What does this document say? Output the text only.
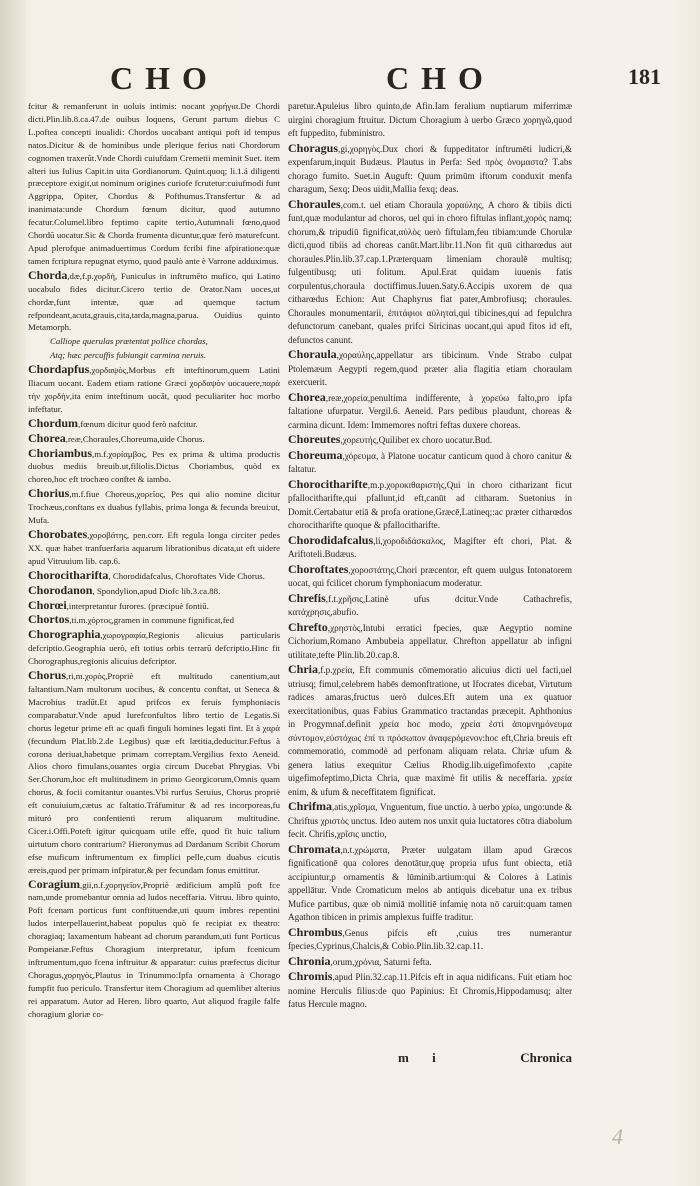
CHO	CHO	181

fcitur & remanferunt in uoluis intimis: nocant χορήγια.De Chordi dicti.Plin.lib.8.ca.47.de ouibus loquens, Gerunt partum diebus C L.poftea concepti inualidi: Chordos uocabant antiqui poft id tempus natos.Dicitur & de hominibus unde plerique ferius nati Chordorum cognomen traxerūt.Vnde Chordi cuiufdam Cremetii meminit Suet. item alteri ius Iulius Capit.in uita Gordianorum. Quint.quoq; li.1.á diligenti præceptore exigit,ut nominum origines curiofe fcrutetur:cuiufmodi funt Aggrippa, Opiter, Chordus & Pofthumus.Transfertur & ad inanimata:unde Chordum fœnum dicitur, quod autumno fecatur.Columel.libro feptimo capite tertio,Autumnali fœno,quod Chordū uocatur.Sic & Chorda frumenta dicuntur,quæ ferò maturefcunt. Apud plerofque animaduertimus Cordum fcribi fine afpiratione:quæ tamen fcriptura repugnat etymo, quod paulò ante è Varrone adduximus.

Chorda,dæ,f.p.χορδή, Funiculus in inftrumēto mufico, qui Latino uocabulo fides dicitur.Cicero tertio de Orator.Nam uoces,ut chordæ,funt intentæ, quæ ad quemque tactum refpondeant,acuta,grauis,cita,tarda,magna,parua. Ouidius quinto Metamorph.

Calliope querulas prætentat pollice chordas,

Atq; hæc percuffis fubiungit carmina neruis.

Chordapfus,χορδαψὸς,Morbus eft inteftinorum,quem Latini Iliacum uocant. Eadem etiam ratione Græci χορδαψὸν uocauere,παρὰ τὴν χορδὴν,ita enim inteftinum uocāt, quod peculiariter hoc morbo infeftatur.

Chordum,fœnum dicitur quod ferò nafcitur.

Chorea,reæ,Choraules,Choreuma,uide Chorus.

Choriambus,m.f.χορίαμβος, Pes ex prima & ultima productis duobus mediis breuib.ut,filiolis.Dictus Choriambus, quòd ex choreo,hoc eft trochæo conftet & iambo.

Chorius,m.f.fiue Choreus,χορεῖος, Pes qui alio nomine dicitur Trochæus,conftans ex duabus fyllabis, prima longa & fecunda breui:ut, Mufa.

Chorobates,χοροβάτης, pen.corr. Eft regula longa circiter pedes XX. quæ habet tranfuerfaria aquarum librationibus dicata,ut eft uidere apud Vitruuium lib. cap.6.

Chorocitharifta, Chorodidafcalus, Choroftates Vide Chorus.

Chorodanon, Spondylion,apud Diofc lib.3.ca.88.

Chorœi,interpretantur furores. (præcipuè fontiū.

Chortos,ti.m.χόρτος,gramen in commune fignificat,fed

Chorographia,χωρογραφία,Regionis alicuius particularis defcriptio.Geographia uerò, eft totius orbis terrarū defcriptio.Hinc fit Chorographus,regionis alicuius defcriptor.

Chorus,ri,m.χορὸς,Propriè eft multitudo canentium,aut faltantium.Nam multorum uocibus, & concentu conftat, ut Seneca & Macrobius tradūt.Et apud prifcos ex feruis fymphoniacis comparabatur.Vnde apud Iurefconfultos libro tertio de Legatis.Si chorus legetur prime eft ac quafi finguli homines legati fint. Et à χαρὰ (fecundum Plat.lib.2.de Legibus) quæ eft lætitia,deducitur.Feftus à corona deriuat,habetque primam correptam.Vergilius fexto Aeneid. Alios choro fimulans,ouantes orgia circum Ducebat Phrygias. Vbi Ser.Chorum,hoc eft multitudinem in primo Georgicorum,Omnis quam chorus, & focii comitantur ouantes.Vbi rurfus Seruius, Chorus propriè eft conuiuium,cætus ac faltatio.Tráfumitur & ad res incorporeas,fu mituró pro confentienti rerum aliquarum multitudine. Cicer.i.Offi.Poteft igitur quicquam utile effe, quod fit huic talium uirtutum choro contrarium? Hieronymus ad Dardanum Scribit Chorum efse muficum inftrumentum ex fimplici pelle,cum duabus cicutis æreis,quod per primam infpiratur,& per fecundam fonus emittitur.

Coragium,gii,n.f.χορηγεῖον,Propriè ædificium amplū poft fce nam,unde promebantur omnia ad ludos neceffaria. Vitruu. libro quinto, Poft fcenam porticus funt conftituendæ,uti quum imbres repentini ludos interpellauerint,habeat populus quò fe recipiat ex theatro: choragiaq; laxamentum habeant ad chorum parandum,uti funt Porticus Pompeianæ.Feftus Choragium interpretatur, ipfum fcenicum inftrumentum,quo fcena inftruitur & apparatur: cuius præfectus dicitur Choragus,χορηγὸς,Plautus in Trinummo:Ipfa ornamenta à Chorago fumpfit fuo periculo. Transfertur item Choragium ad quemlibet alterius rei apparatum. Autor ad Heren. libro quarto, Aut aliquod fragile falfe choragium gloriæ co-

paretur.Apuleius libro quinto,de Afin.Iam feralium nuptiarum miferrimæ uirgini choragium ftruitur. Dictum Choragium à uerbo Græco χορηγῶ,quod eft fuppedito, fubministro.

Choragus,gi,χορηγὸς.Dux chori & fuppeditator inftrumēti ludicri,& expenfarum,inquit Budæus. Plautus in Perfa: Sed πρὸς ὀνομαστα? T.abs chorago fumito. Suet.in Auguft: Quum primūm iftorum conduxit menfa charagum, Sexq; Deos uidit,Mallia fexq; deas.

Choraules,com.t. uel etiam Choraula χοραύλης, A choro & tibiis dicti funt,quæ modulantur ad choros, uel qui in choro fiftulas inflant,χορὸς namq; chorum,& tripudiū fignificat,αὐλὸς uerò fiftulam,feu tibiam:unde Chorulæ dicti,quod tibiis ad choreas canūt.Mart.libr.11.Non fit quū citharœdus aut choraules.Plin.lib.37.cap.1.Præterquam limeniam choraulē multisq; fulgentibusq; uti folitum. Apul.Erat quidam iuuenis fatis corpulentus,choraula doctiffimus.Iuuen.Saty.6.Accipis uxorem de qua citharœdus Echion: Aut Chaphyrus fiat pater,Ambrofiusq; choraules. Choraules monumentarii, ἐπιτάφιοι αὐληταὶ,qui tibicines,qui ad fepulchra defunctorum canebant, quales prifci Siricinas uocant,qui apud fitos id eft, defunctos canunt.

Choraula,χοραύλης,appellatur ars tibicinum. Vnde Strabo culpat Ptolemæum Aegypti regem,quod præter alia flagitia etiam choraulam exercuerit.

Chorea,reæ,χορεία,penultima indifferente, à χορεύω falto,pro ipfa faltatione ufurpatur. Vergil.6. Aeneid. Pars pedibus plaudunt, choreas & carmina dicunt. Idem: Immemores noftri feftas duxere choreas.

Choreutes,χορευτής,Quilibet ex choro uocatur.Bud.

Choreuma,χόρευμα, à Platone uocatur canticum quod à choro canitur & faltatur.

Chorocitharifte,m.p.χοροκιθαριστὴς,Qui in choro citharizant ficut pfallocitharifte,qui pfallunt,id eft,canūt ad citharam. Suetonius in Domit.Certabatur etiā & profa oratione,Græcē,Latineq;:ac præter citharœdos chorocitharifte quoque & pfallocitharifte.

Chorodidafcalus,li,χοροδιδάσκαλος, Magifter eft chori, Plat. & Ariftoteli.Budæus.

Choroftates,χοροστάτης,Chori præcentor, eft quem uulgus Intonatorem uocat, qui fcilicet chorum fymphoniacum moderatur.

Chrefis,f.t.χρῆσις,Latinè ufus dcitur.Vnde Cathachrefis, κατάχρησις,abufio.

Chrefto,χρηστὸς,Intubi erratici fpecies, quæ Aegyptio nomine Cichorium,Romano Ambubeia appellatur. Chrefton appellatur ab infigni utilitate,tefte Plin.lib.20.cap.8.

Chria,f.p.χρεία, Eft communis cōmemoratio alicuius dicti uel facti,uel utriusq; fimul,celebrem habēs demonftratione, ut Ifocrates dicebat, Virtutum radices amaras,fructus uerò dulces.Eft autem una ex quatuor exercitationibus, quas Fabius Grammatico tractandas præcepit. Aphthonius in Progymnaf.definit χρεία hoc modo, χρεία ἐστὶ ἀπομνημόνευμα σύντομον,εὐστόχως ἐπί τι πρόσωπον ἀναφερόμενον:hoc eft,Chria breuis eft commemoratio, commodè ad perfonam aliquam relata. Chriæ ufum & genera latius exequitur Cælius Rhodig.lib.uigefimofexto ,capite uigefimofeptimo,Dicta Chria, quæ maximè fit utilis & neceffaria. χρεία enim, & ufum & neceffitatem fignificat.

Chrifma,atis,χρῖσμα, Vnguentum, fiue unctio. à uerbo χρίω, ungo:unde & Chriftus χριστὸς unctus. Ideo autem nos unxit quia luctatores cōtra diabolum fecit. Chrifis,χρῖσις unctio,

Chromata,n.t.χρώματα, Præter uulgatam illam apud Græcos fignificationē qua colores denotātur,quę propria ufus funt obiecta, etiā accipiuntur,p ornamentis & lūminib.artium:qui & Colores à Latinis appellātur. Vnde Cromaticum melos ab antiquis dicebatur una ex tribus Mufice partibus, quæ ob nimiā mollitiē infamię nota nō caruit:quam tamen Agathon tibicen in primis amplexus fuiffe traditur.

Chrombus,Genus pifcis eft ,cuius tres numerantur fpecies,Cyprinus,Chalcis,& Cobio.Plin.lib.32.cap.11.

Chronia,orum,χρόνια, Saturni fefta.

Chromis,apud Plin.32.cap.11.Pifcis eft in aqua nidificans. Fuit etiam hoc nomine Herculis filius:de quo Papinius: Et Chromis,Hippodamusq; alter fatus Hercule magno.

m i	Chronica
4
